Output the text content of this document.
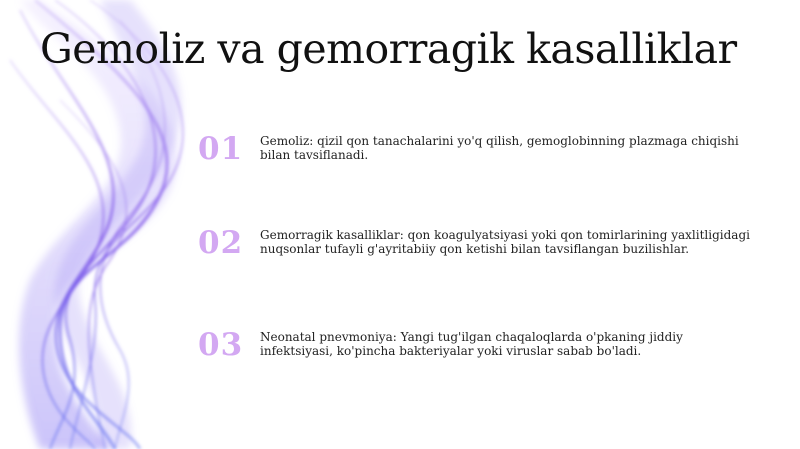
Gemoliz va gemorragik kasalliklar
01	Gemoliz: qizil qon tanachalarini yo'q qilish, gemoglobinning plazmaga chiqishi bilan tavsiflanadi.
02	Gemorragik kasalliklar: qon koagulyatsiyasi yoki qon tomirlarining yaxlitligidagi nuqsonlar tufayli g'ayritabiiy qon ketishi bilan tavsiflangan buzilishlar.
03	Neonatal pnevmoniya: Yangi tug'ilgan chaqaloqlarda o'pkaning jiddiy infektsiyasi, ko'pincha bakteriyalar yoki viruslar sabab bo'ladi.
